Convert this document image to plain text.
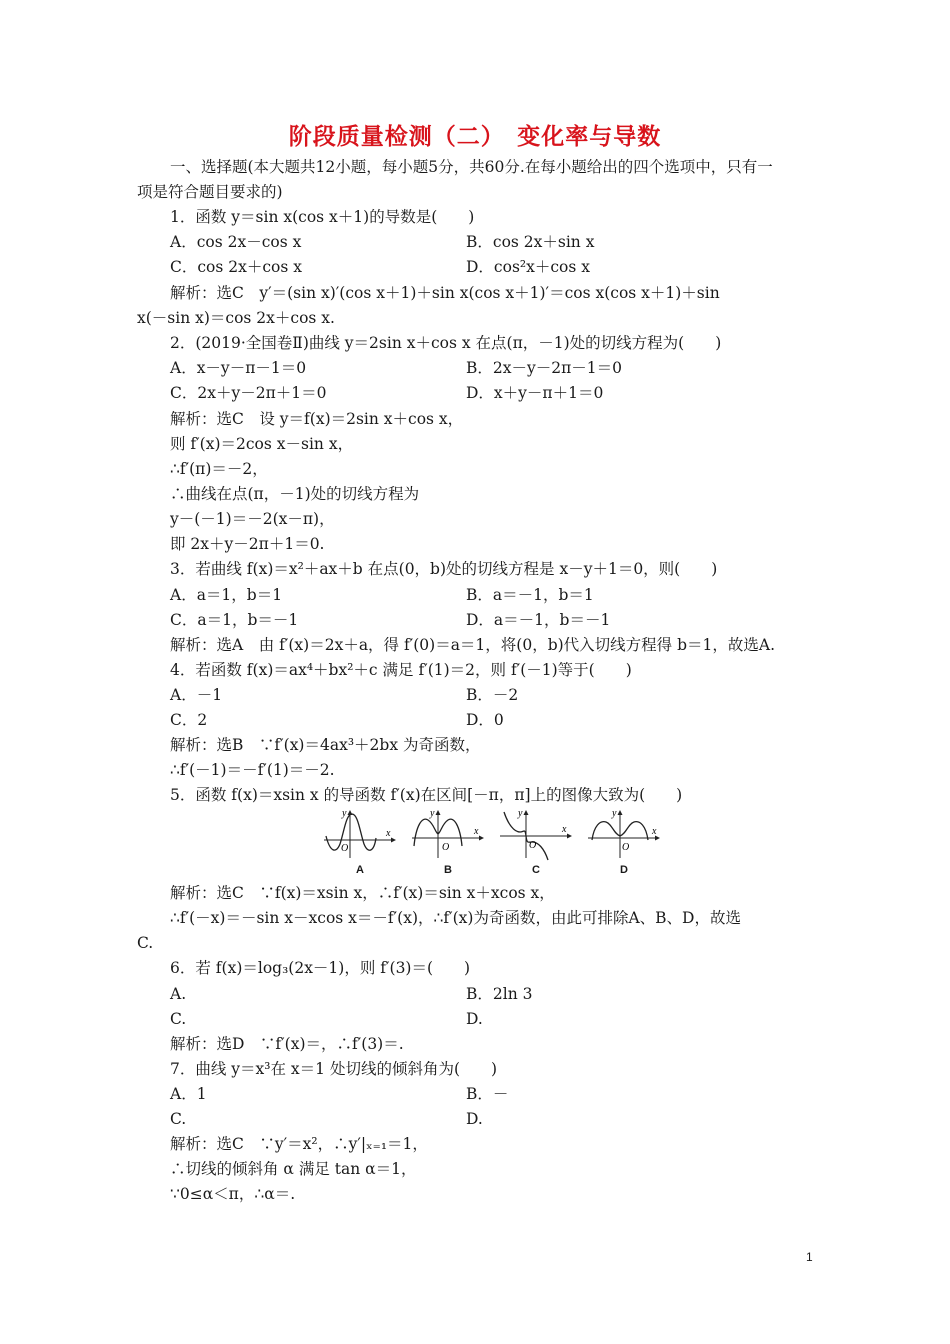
阶段质量检测（二）　变化率与导数
一、选择题(本大题共12小题，每小题5分，共60分.在每小题给出的四个选项中，只有一
项是符合题目要求的)
1．函数 y＝sin x(cos x＋1)的导数是(　　)
A．cos 2x－cos x	B．cos 2x＋sin x
C．cos 2x＋cos x	D．cos²x＋cos x
解析：选C　y′＝(sin x)′(cos x＋1)＋sin x(cos x＋1)′＝cos x(cos x＋1)＋sin
x(－sin x)＝cos 2x＋cos x.
2．(2019·全国卷Ⅱ)曲线 y＝2sin x＋cos x 在点(π，－1)处的切线方程为(　　)
A．x－y－π－1＝0	B．2x－y－2π－1＝0
C．2x＋y－2π＋1＝0	D．x＋y－π＋1＝0
解析：选C　设 y＝f(x)＝2sin x＋cos x，
则 f′(x)＝2cos x－sin x，
∴f′(π)＝－2，
∴曲线在点(π，－1)处的切线方程为
y－(－1)＝－2(x－π)，
即 2x＋y－2π＋1＝0.
3．若曲线 f(x)＝x²＋ax＋b 在点(0，b)处的切线方程是 x－y＋1＝0，则(　　)
A．a＝1，b＝1	B．a＝－1，b＝1
C．a＝1，b＝－1	D．a＝－1，b＝－1
解析：选A　由 f′(x)＝2x＋a，得 f′(0)＝a＝1，将(0，b)代入切线方程得 b＝1，故选A.
4．若函数 f(x)＝ax⁴＋bx²＋c 满足 f′(1)＝2，则 f′(－1)等于(　　)
A．－1	B．－2
C．2	D．0
解析：选B　∵f′(x)＝4ax³＋2bx 为奇函数，
∴f′(－1)＝－f′(1)＝－2.
5．函数 f(x)＝xsin x 的导函数 f′(x)在区间[－π，π]上的图像大致为(　　)
y
x
O
A
y
x
O
B
y
x
O
C
y
x
O
D
解析：选C　∵f(x)＝xsin x，∴f′(x)＝sin x＋xcos x，
∴f′(－x)＝－sin x－xcos x＝－f′(x)，∴f′(x)为奇函数，由此可排除A、B、D，故选
C.
6．若 f(x)＝log₃(2x－1)，则 f′(3)＝(　　)
A.	B．2ln 3
C.	D.
解析：选D　∵f′(x)＝，∴f′(3)＝.
7．曲线 y＝x³在 x＝1 处切线的倾斜角为(　　)
A．1	B．－
C.	D.
解析：选C　∵y′＝x²，∴y′|ₓ₌₁＝1，
∴切线的倾斜角 α 满足 tan α＝1，
∵0≤α＜π，∴α＝.
1
